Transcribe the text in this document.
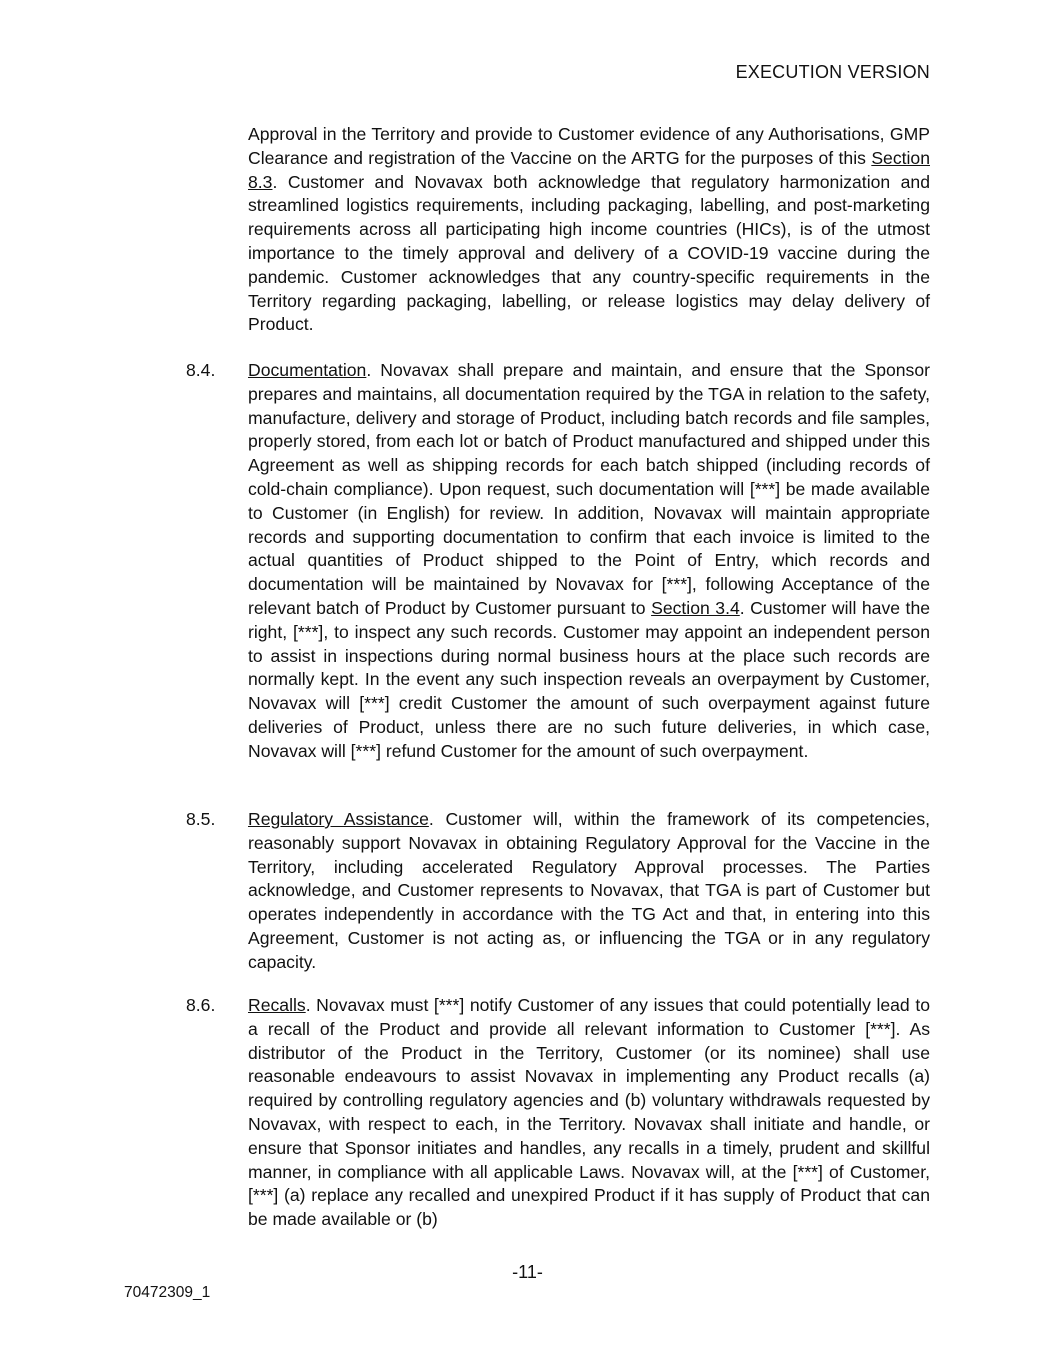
EXECUTION VERSION

Approval in the Territory and provide to Customer evidence of any Authorisations, GMP Clearance and registration of the Vaccine on the ARTG for the purposes of this Section 8.3. Customer and Novavax both acknowledge that regulatory harmonization and streamlined logistics requirements, including packaging, labelling, and post-marketing requirements across all participating high income countries (HICs), is of the utmost importance to the timely approval and delivery of a COVID-19 vaccine during the pandemic. Customer acknowledges that any country-specific requirements in the Territory regarding packaging, labelling, or release logistics may delay delivery of Product.

8.4. Documentation. Novavax shall prepare and maintain, and ensure that the Sponsor prepares and maintains, all documentation required by the TGA in relation to the safety, manufacture, delivery and storage of Product, including batch records and file samples, properly stored, from each lot or batch of Product manufactured and shipped under this Agreement as well as shipping records for each batch shipped (including records of cold-chain compliance). Upon request, such documentation will [***] be made available to Customer (in English) for review. In addition, Novavax will maintain appropriate records and supporting documentation to confirm that each invoice is limited to the actual quantities of Product shipped to the Point of Entry, which records and documentation will be maintained by Novavax for [***], following Acceptance of the relevant batch of Product by Customer pursuant to Section 3.4. Customer will have the right, [***], to inspect any such records. Customer may appoint an independent person to assist in inspections during normal business hours at the place such records are normally kept. In the event any such inspection reveals an overpayment by Customer, Novavax will [***] credit Customer the amount of such overpayment against future deliveries of Product, unless there are no such future deliveries, in which case, Novavax will [***] refund Customer for the amount of such overpayment.

8.5. Regulatory Assistance. Customer will, within the framework of its competencies, reasonably support Novavax in obtaining Regulatory Approval for the Vaccine in the Territory, including accelerated Regulatory Approval processes. The Parties acknowledge, and Customer represents to Novavax, that TGA is part of Customer but operates independently in accordance with the TG Act and that, in entering into this Agreement, Customer is not acting as, or influencing the TGA or in any regulatory capacity.

8.6. Recalls. Novavax must [***] notify Customer of any issues that could potentially lead to a recall of the Product and provide all relevant information to Customer [***]. As distributor of the Product in the Territory, Customer (or its nominee) shall use reasonable endeavours to assist Novavax in implementing any Product recalls (a) required by controlling regulatory agencies and (b) voluntary withdrawals requested by Novavax, with respect to each, in the Territory. Novavax shall initiate and handle, or ensure that Sponsor initiates and handles, any recalls in a timely, prudent and skillful manner, in compliance with all applicable Laws. Novavax will, at the [***] of Customer, [***] (a) replace any recalled and unexpired Product if it has supply of Product that can be made available or (b)

-11-
70472309_1
